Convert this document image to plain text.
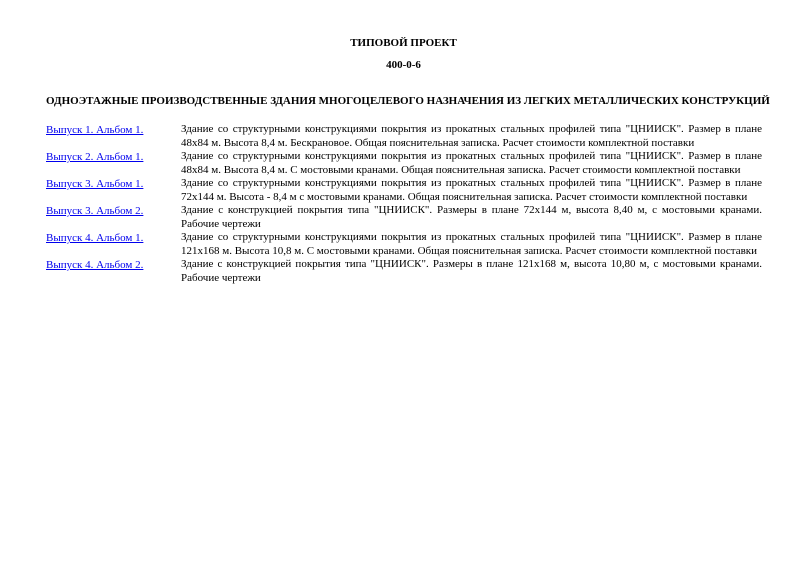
ТИПОВОЙ ПРОЕКТ
400-0-6
ОДНОЭТАЖНЫЕ ПРОИЗВОДСТВЕННЫЕ ЗДАНИЯ МНОГОЦЕЛЕВОГО НАЗНАЧЕНИЯ ИЗ ЛЕГКИХ МЕТАЛЛИЧЕСКИХ КОНСТРУКЦИЙ
Выпуск 1. Альбом 1.	Здание со структурными конструкциями покрытия из прокатных стальных профилей типа "ЦНИИСК". Размер в плане 48х84 м. Высота 8,4 м. Бескрановое. Общая пояснительная записка. Расчет стоимости комплектной поставки
Выпуск 2. Альбом 1.	Здание со структурными конструкциями покрытия из прокатных стальных профилей типа "ЦНИИСК". Размер в плане 48х84 м. Высота 8,4 м. С мостовыми кранами. Общая пояснительная записка. Расчет стоимости комплектной поставки
Выпуск 3. Альбом 1.	Здание со структурными конструкциями покрытия из прокатных стальных профилей типа "ЦНИИСК". Размер в плане 72х144 м. Высота - 8,4 м с мостовыми кранами. Общая пояснительная записка. Расчет стоимости комплектной поставки
Выпуск 3. Альбом 2.	Здание с конструкцией покрытия типа "ЦНИИСК". Размеры в плане 72х144 м, высота 8,40 м, с мостовыми кранами. Рабочие чертежи
Выпуск 4. Альбом 1.	Здание со структурными конструкциями покрытия из прокатных стальных профилей типа "ЦНИИСК". Размер в плане 121х168 м. Высота 10,8 м. С мостовыми кранами. Общая пояснительная записка. Расчет стоимости комплектной поставки
Выпуск 4. Альбом 2.	Здание с конструкцией покрытия типа "ЦНИИСК". Размеры в плане 121х168 м, высота 10,80 м, с мостовыми кранами. Рабочие чертежи
